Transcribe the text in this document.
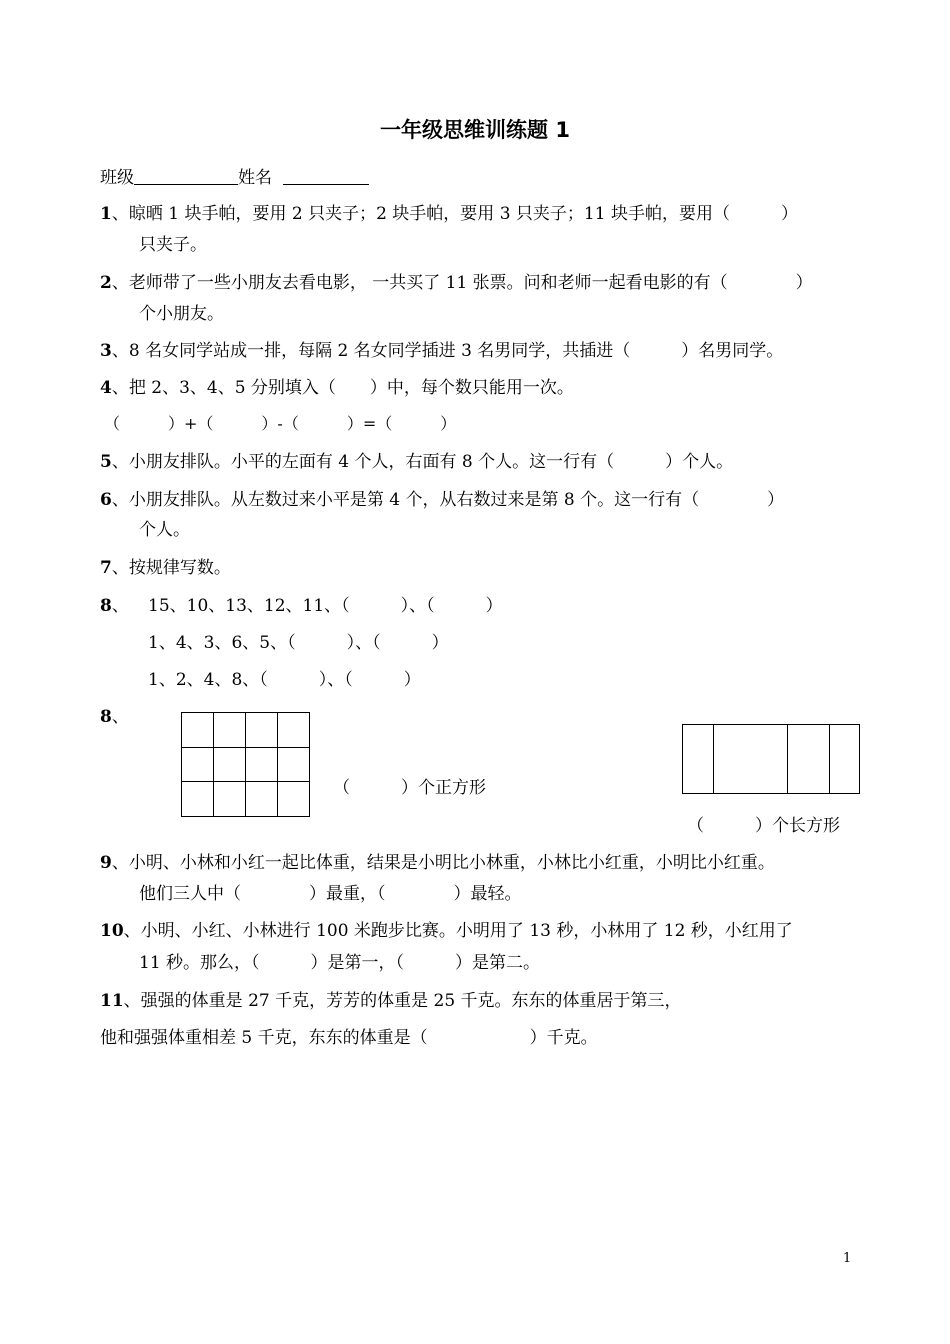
一年级思维训练题 1
班级	姓名
1、晾晒 1 块手帕，要用 2 只夹子；2 块手帕，要用 3 只夹子；11 块手帕，要用（　　　）
只夹子。
2、老师带了一些小朋友去看电影， 一共买了 11 张票。问和老师一起看电影的有（　　　　）
个小朋友。
3、8 名女同学站成一排，每隔 2 名女同学插进 3 名男同学，共插进（　　　）名男同学。
4、把 2、3、4、5 分别填入（　　）中，每个数只能用一次。
（　　　）+（　　　）-（　　　）=（　　　）
5、小朋友排队。小平的左面有 4 个人，右面有 8 个人。这一行有（　　　）个人。
6、小朋友排队。从左数过来小平是第 4 个，从右数过来是第 8 个。这一行有（　　　　）
个人。
7、按规律写数。
8、 15、10、13、12、11、（　　　）、（　　　）
1、4、3、6、5、（　　　）、（　　　）
1、2、4、8、（　　　）、（　　　）
8、

（　　　）个正方形
（　　　）个长方形
9、小明、小林和小红一起比体重，结果是小明比小林重，小林比小红重，小明比小红重。
他们三人中（　　　　）最重，（　　　　）最轻。
10、小明、小红、小林进行 100 米跑步比赛。小明用了 13 秒，小林用了 12 秒，小红用了
11 秒。那么，（　　　）是第一，（　　　）是第二。
11、强强的体重是 27 千克，芳芳的体重是 25 千克。东东的体重居于第三，
他和强强体重相差 5 千克，东东的体重是（　　　　　　）千克。
1
